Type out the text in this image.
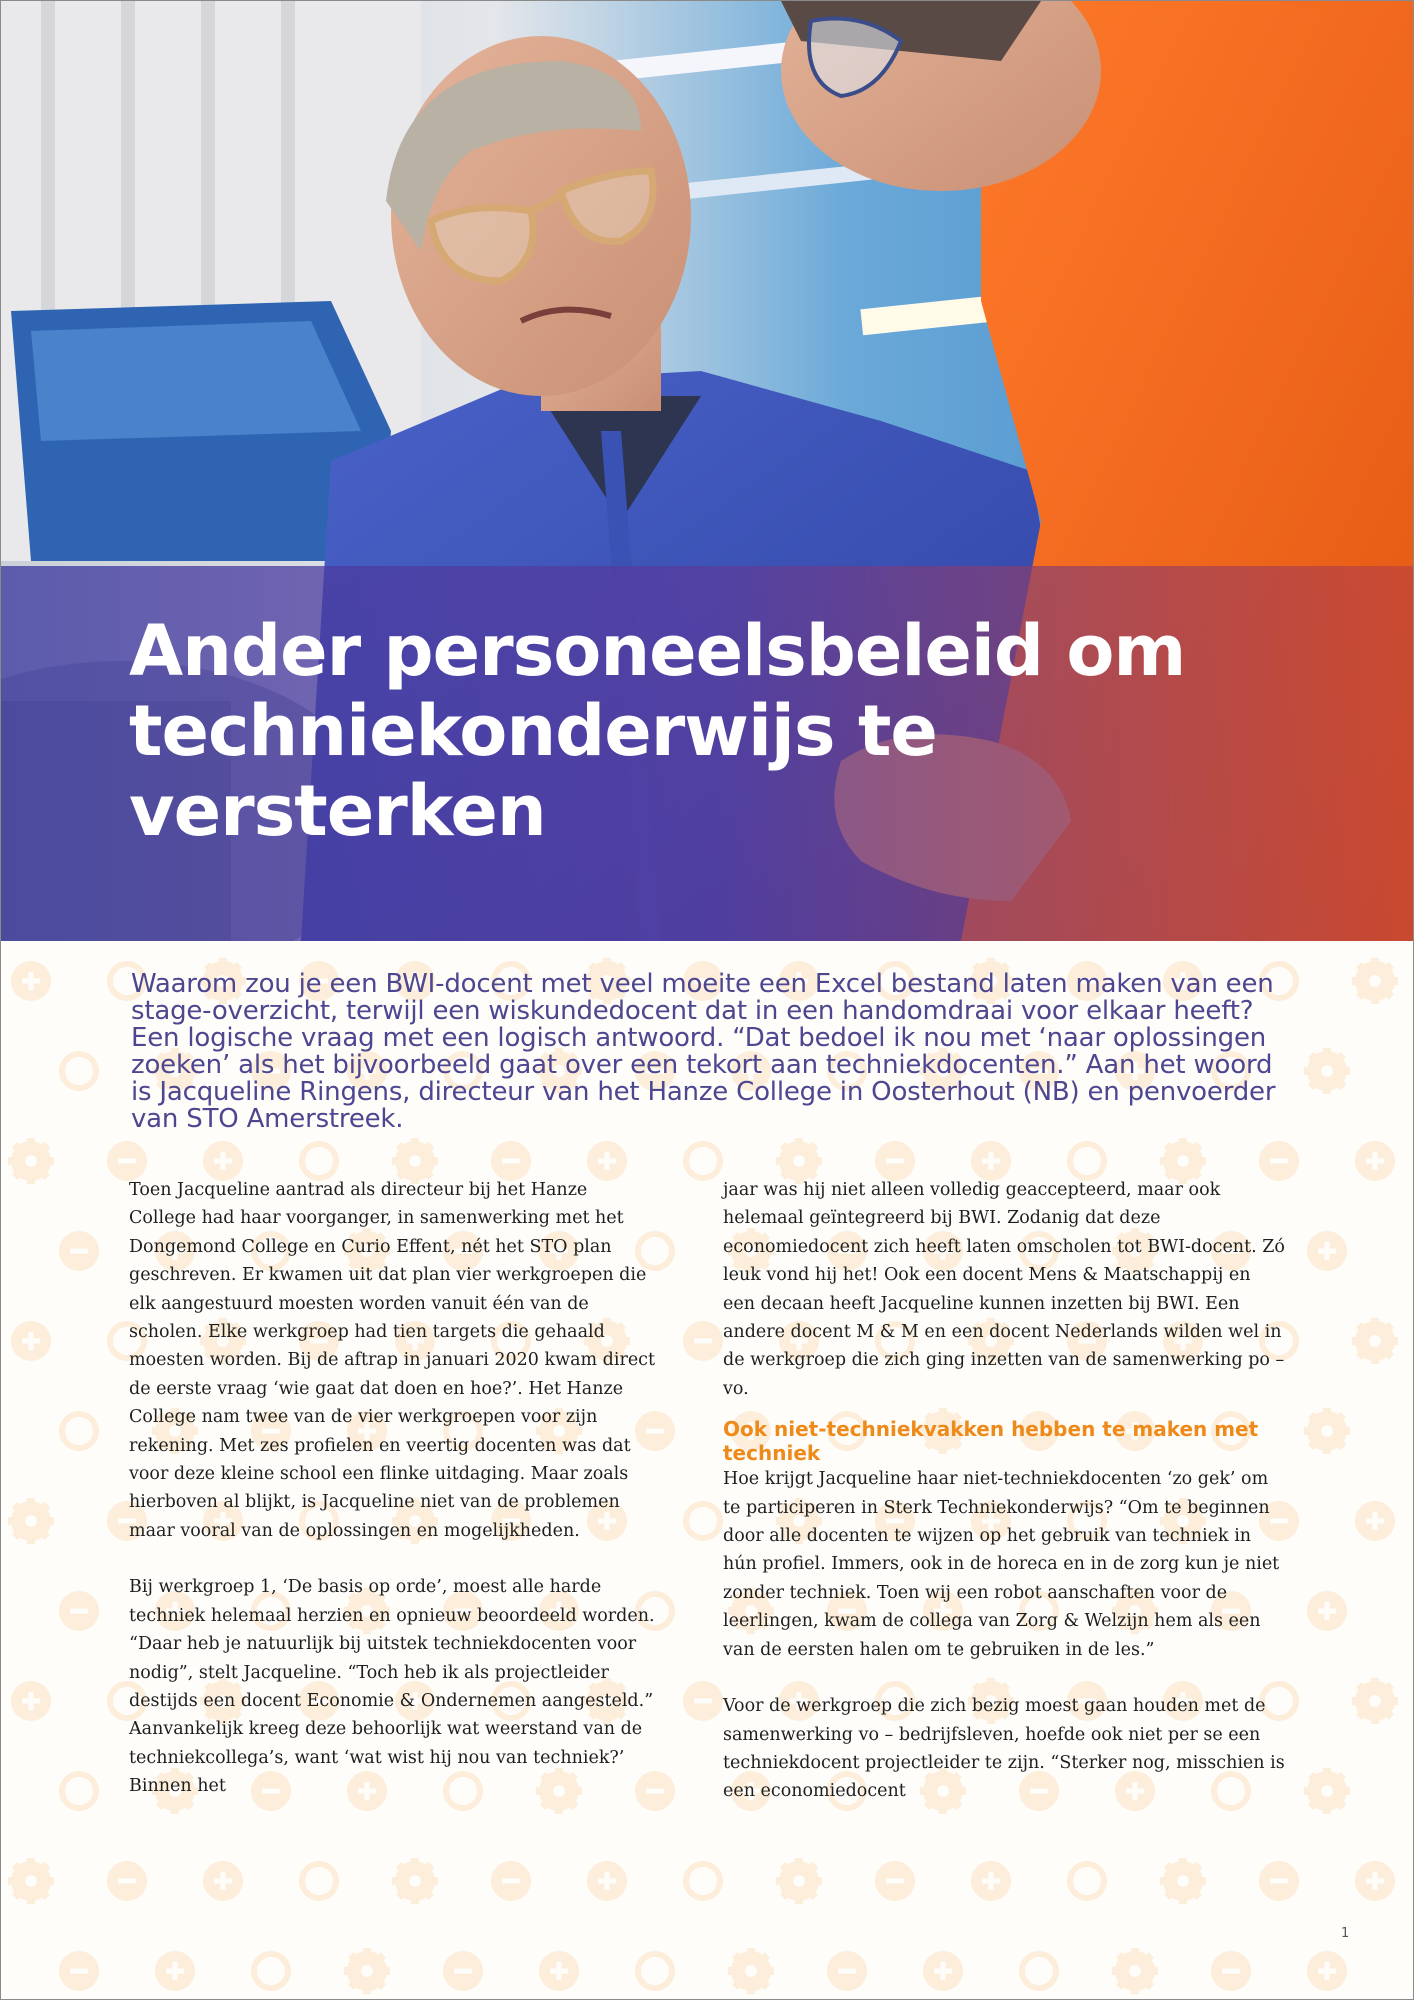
Ander personeelsbeleid om techniekonderwijs te versterken

Waarom zou je een BWI-docent met veel moeite een Excel bestand laten maken van een stage-overzicht, terwijl een wiskundedocent dat in een handomdraai voor elkaar heeft? Een logische vraag met een logisch antwoord. “Dat bedoel ik nou met ‘naar oplossingen zoeken’ als het bijvoorbeeld gaat over een tekort aan techniekdocenten.” Aan het woord is Jacqueline Ringens, directeur van het Hanze College in Oosterhout (NB) en penvoerder van STO Amerstreek.

Toen Jacqueline aantrad als directeur bij het Hanze College had haar voorganger, in samenwerking met het Dongemond College en Curio Effent, nét het STO plan geschreven. Er kwamen uit dat plan vier werkgroepen die elk aangestuurd moesten worden vanuit één van de scholen. Elke werkgroep had tien targets die gehaald moesten worden. Bij de aftrap in januari 2020 kwam direct de eerste vraag ‘wie gaat dat doen en hoe?’. Het Hanze College nam twee van de vier werkgroepen voor zijn rekening. Met zes profielen en veertig docenten was dat voor deze kleine school een flinke uitdaging. Maar zoals hierboven al blijkt, is Jacqueline niet van de problemen maar vooral van de oplossingen en mogelijkheden.

Bij werkgroep 1, ‘De basis op orde’, moest alle harde techniek helemaal herzien en opnieuw beoordeeld worden. “Daar heb je natuurlijk bij uitstek techniekdocenten voor nodig”, stelt Jacqueline. “Toch heb ik als projectleider destijds een docent Economie & Ondernemen aangesteld.” Aanvankelijk kreeg deze behoorlijk wat weerstand van de techniekcollega’s, want ‘wat wist hij nou van techniek?’ Binnen het

jaar was hij niet alleen volledig geaccepteerd, maar ook helemaal geïntegreerd bij BWI. Zodanig dat deze economiedocent zich heeft laten omscholen tot BWI-docent. Zó leuk vond hij het! Ook een docent Mens & Maatschappij en een decaan heeft Jacqueline kunnen inzetten bij BWI. Een andere docent M & M en een docent Nederlands wilden wel in de werkgroep die zich ging inzetten van de samenwerking po – vo.

Ook niet-techniekvakken hebben te maken met techniek

Hoe krijgt Jacqueline haar niet-techniekdocenten ‘zo gek’ om te participeren in Sterk Techniekonderwijs? “Om te beginnen door alle docenten te wijzen op het gebruik van techniek in hún profiel. Immers, ook in de horeca en in de zorg kun je niet zonder techniek. Toen wij een robot aanschaften voor de leerlingen, kwam de collega van Zorg & Welzijn hem als een van de eersten halen om te gebruiken in de les.”

Voor de werkgroep die zich bezig moest gaan houden met de samenwerking vo – bedrijfsleven, hoefde ook niet per se een techniekdocent projectleider te zijn. “Sterker nog, misschien is een economiedocent

1
